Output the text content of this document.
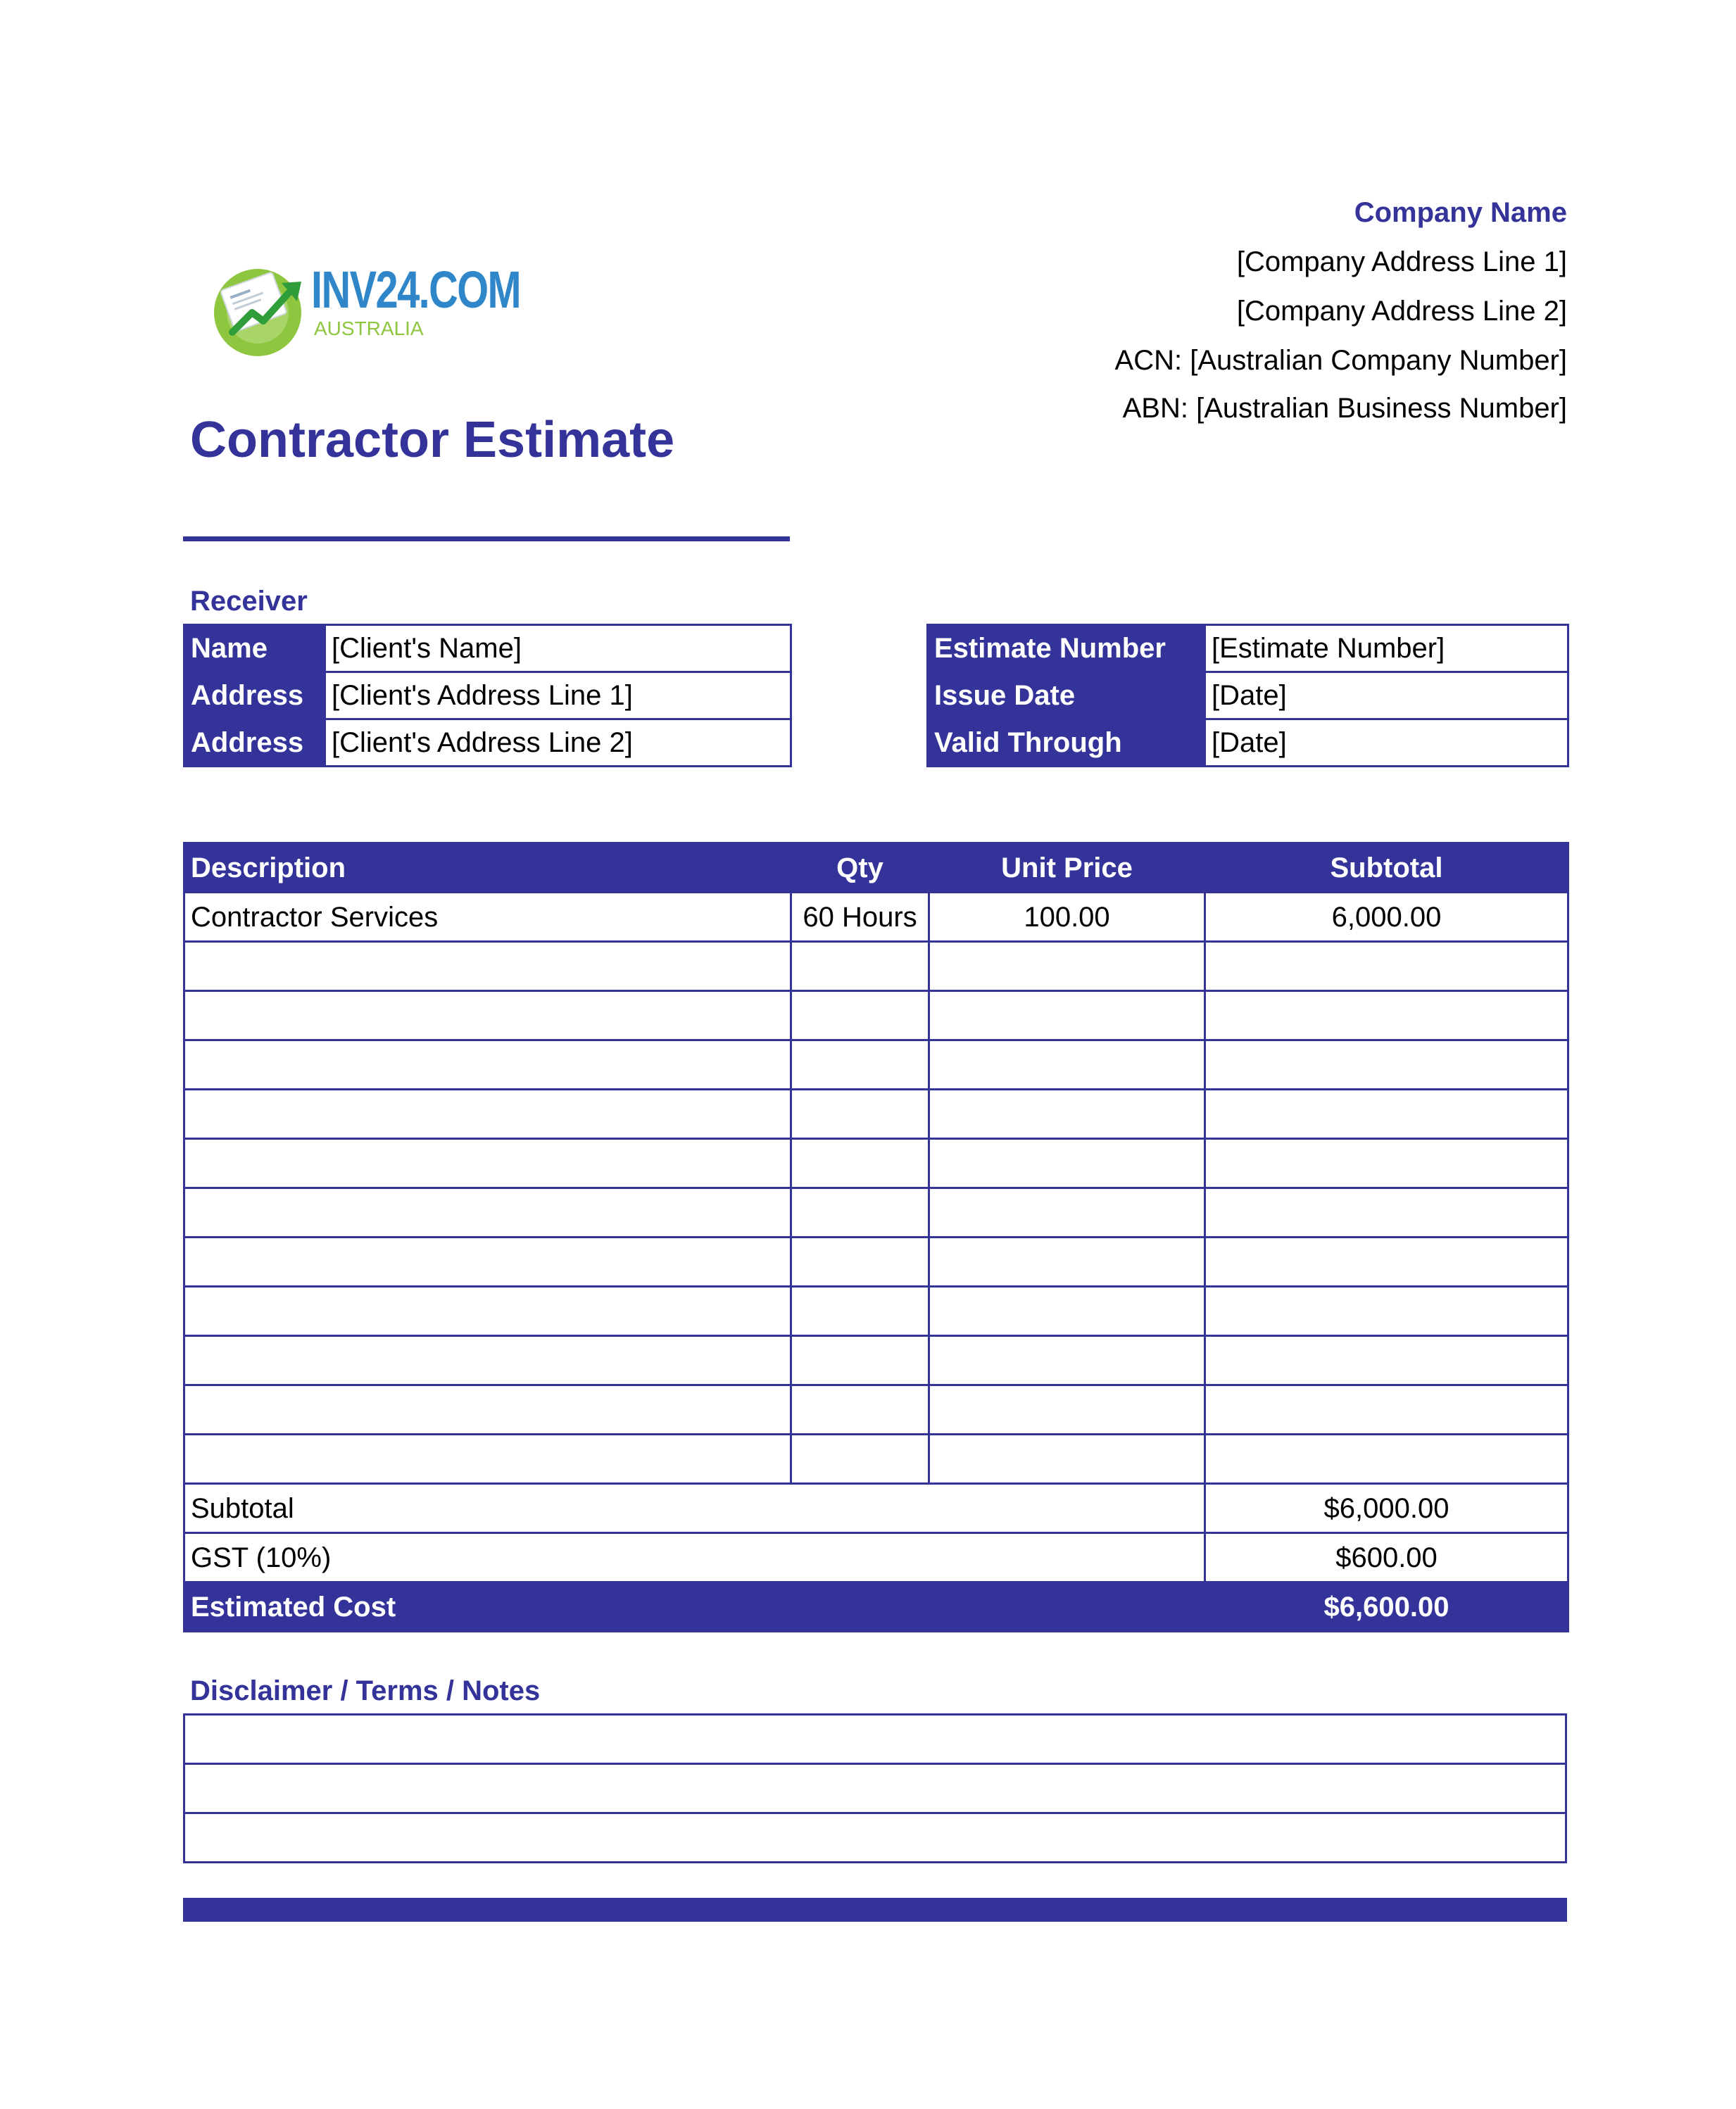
INV24.COM
AUSTRALIA
Company Name
[Company Address Line 1]
[Company Address Line 2]
ACN: [Australian Company Number]
ABN: [Australian Business Number]
Contractor Estimate
Receiver
Name	[Client's Name]
Address	[Client's Address Line 1]
Address	[Client's Address Line 2]
Estimate Number	[Estimate Number]
Issue Date	[Date]
Valid Through	[Date]
Description	Qty	Unit Price	Subtotal
Contractor Services	60 Hours	100.00	6,000.00

Subtotal			$6,000.00
GST (10%)			$600.00
Estimated Cost			$6,600.00
Disclaimer / Terms / Notes
